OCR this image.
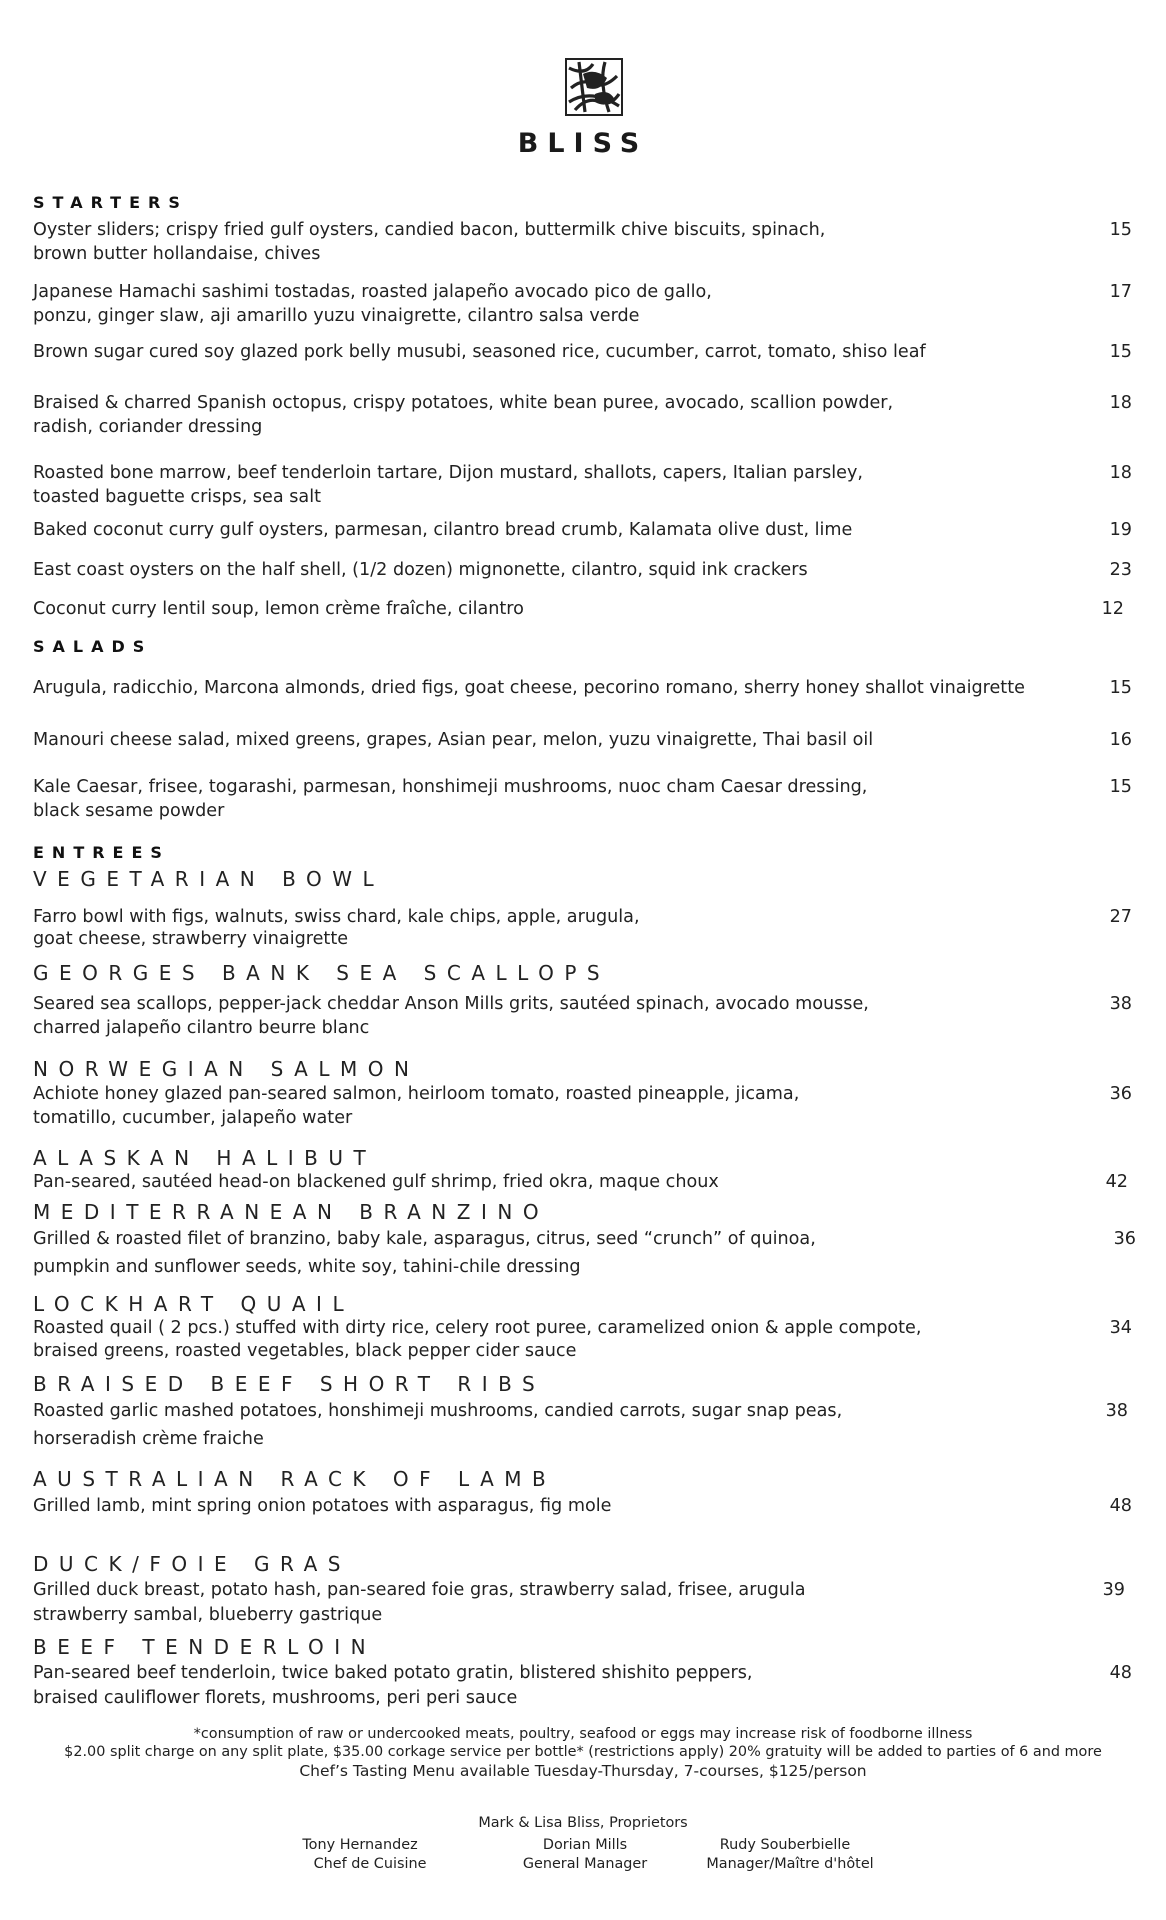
BLISS
STARTERS
Oyster sliders; crispy fried gulf oysters, candied bacon, buttermilk chive biscuits, spinach,
brown butter hollandaise, chives
15
Japanese Hamachi sashimi tostadas, roasted jalapeño avocado pico de gallo,
ponzu, ginger slaw, aji amarillo yuzu vinaigrette, cilantro salsa verde
17
Brown sugar cured soy glazed pork belly musubi, seasoned rice, cucumber, carrot, tomato, shiso leaf	15
Braised & charred Spanish octopus, crispy potatoes, white bean puree, avocado, scallion powder,
radish, coriander dressing
18
Roasted bone marrow, beef tenderloin tartare, Dijon mustard, shallots, capers, Italian parsley,
toasted baguette crisps, sea salt
18
Baked coconut curry gulf oysters, parmesan, cilantro bread crumb, Kalamata olive dust, lime	19
East coast oysters on the half shell, (1/2 dozen) mignonette, cilantro, squid ink crackers	23
Coconut curry lentil soup, lemon crème fraîche, cilantro	12
SALADS
Arugula, radicchio, Marcona almonds, dried figs, goat cheese, pecorino romano, sherry honey shallot vinaigrette	15
Manouri cheese salad, mixed greens, grapes, Asian pear, melon, yuzu vinaigrette, Thai basil oil	16
Kale Caesar, frisee, togarashi, parmesan, honshimeji mushrooms, nuoc cham Caesar dressing,
black sesame powder
15
ENTREES
VEGETARIAN BOWL
Farro bowl with figs, walnuts, swiss chard, kale chips, apple, arugula,
goat cheese, strawberry vinaigrette
27
GEORGES BANK SEA SCALLOPS
Seared sea scallops, pepper-jack cheddar Anson Mills grits, sautéed spinach, avocado mousse,
charred jalapeño cilantro beurre blanc
38
NORWEGIAN SALMON
Achiote honey glazed pan-seared salmon, heirloom tomato, roasted pineapple, jicama,
tomatillo, cucumber, jalapeño water
36
ALASKAN HALIBUT
Pan-seared, sautéed head-on blackened gulf shrimp, fried okra, maque choux	42
MEDITERRANEAN BRANZINO
Grilled & roasted filet of branzino, baby kale, asparagus, citrus, seed “crunch” of quinoa,
pumpkin and sunflower seeds, white soy, tahini-chile dressing
36
LOCKHART QUAIL
Roasted quail ( 2 pcs.) stuffed with dirty rice, celery root puree, caramelized onion & apple compote,
braised greens, roasted vegetables, black pepper cider sauce
34
BRAISED BEEF SHORT RIBS
Roasted garlic mashed potatoes, honshimeji mushrooms, candied carrots, sugar snap peas,
horseradish crème fraiche
38
AUSTRALIAN RACK OF LAMB
Grilled lamb, mint spring onion potatoes with asparagus, fig mole	48
DUCK/FOIE GRAS
Grilled duck breast, potato hash, pan-seared foie gras, strawberry salad, frisee, arugula
strawberry sambal, blueberry gastrique
39
BEEF TENDERLOIN
Pan-seared beef tenderloin, twice baked potato gratin, blistered shishito peppers,
braised cauliflower florets, mushrooms, peri peri sauce
48
*consumption of raw or undercooked meats, poultry, seafood or eggs may increase risk of foodborne illness
$2.00 split charge on any split plate, $35.00 corkage service per bottle* (restrictions apply) 20% gratuity will be added to parties of 6 and more
Chef’s Tasting Menu available Tuesday-Thursday, 7-courses, $125/person
Mark & Lisa Bliss, Proprietors
Tony Hernandez
Chef de Cuisine
Dorian Mills
General Manager
Rudy Souberbielle
Manager/Maître d'hôtel
